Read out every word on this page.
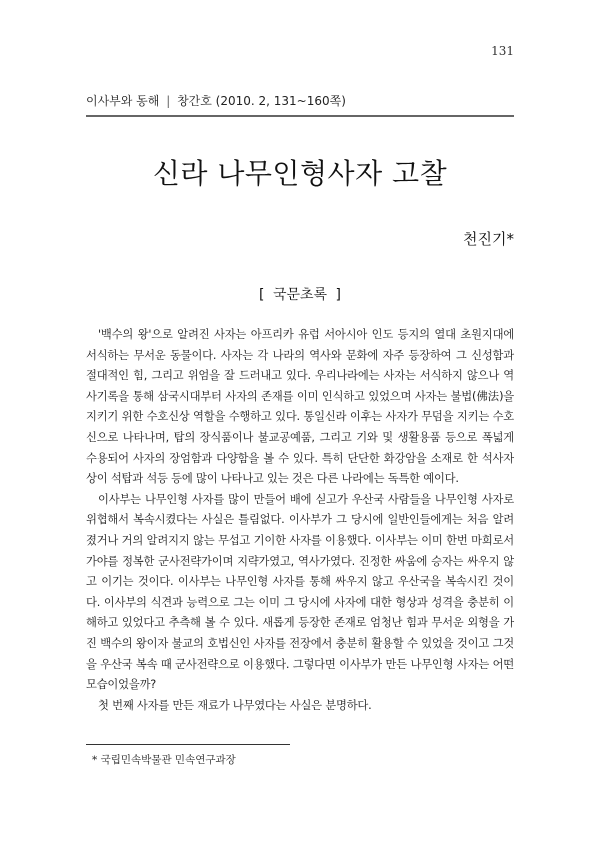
131
이사부와 동해 | 창간호 (2010. 2, 131~160쪽)
신라 나무인형사자 고찰
천진기*
[ 국문초록 ]

'백수의 왕'으로 알려진 사자는 아프리카 유럽 서아시아 인도 등지의 열대 초원지대에 서식하는 무서운 동물이다. 사자는 각 나라의 역사와 문화에 자주 등장하여 그 신성함과 절대적인 힘, 그리고 위엄을 잘 드러내고 있다. 우리나라에는 사자는 서식하지 않으나 역사기록을 통해 삼국시대부터 사자의 존재를 이미 인식하고 있었으며 사자는 불법(佛法)을 지키기 위한 수호신상 역할을 수행하고 있다. 통일신라 이후는 사자가 무덤을 지키는 수호신으로 나타나며, 탑의 장식품이나 불교공예품, 그리고 기와 및 생활용품 등으로 폭넓게 수용되어 사자의 장엄함과 다양함을 볼 수 있다. 특히 단단한 화강암을 소재로 한 석사자상이 석탑과 석등 등에 많이 나타나고 있는 것은 다른 나라에는 독특한 예이다.

이사부는 나무인형 사자를 많이 만들어 배에 싣고가 우산국 사람들을 나무인형 사자로 위협해서 복속시켰다는 사실은 틀림없다. 이사부가 그 당시에 일반인들에게는 처음 알려졌거나 거의 알려지지 않는 무섭고 기이한 사자를 이용했다. 이사부는 이미 한번 마희로서 가야를 정복한 군사전략가이며 지략가였고, 역사가였다. 진정한 싸움에 승자는 싸우지 않고 이기는 것이다. 이사부는 나무인형 사자를 통해 싸우지 않고 우산국을 복속시킨 것이다. 이사부의 식견과 능력으로 그는 이미 그 당시에 사자에 대한 형상과 성격을 충분히 이해하고 있었다고 추측해 볼 수 있다. 새롭게 등장한 존재로 엄청난 힘과 무서운 외형을 가진 백수의 왕이자 불교의 호법신인 사자를 전장에서 충분히 활용할 수 있었을 것이고 그것을 우산국 복속 때 군사전략으로 이용했다. 그렇다면 이사부가 만든 나무인형 사자는 어떤 모습이었을까?

첫 번째 사자를 만든 재료가 나무였다는 사실은 분명하다.

* 국립민속박물관 민속연구과장
